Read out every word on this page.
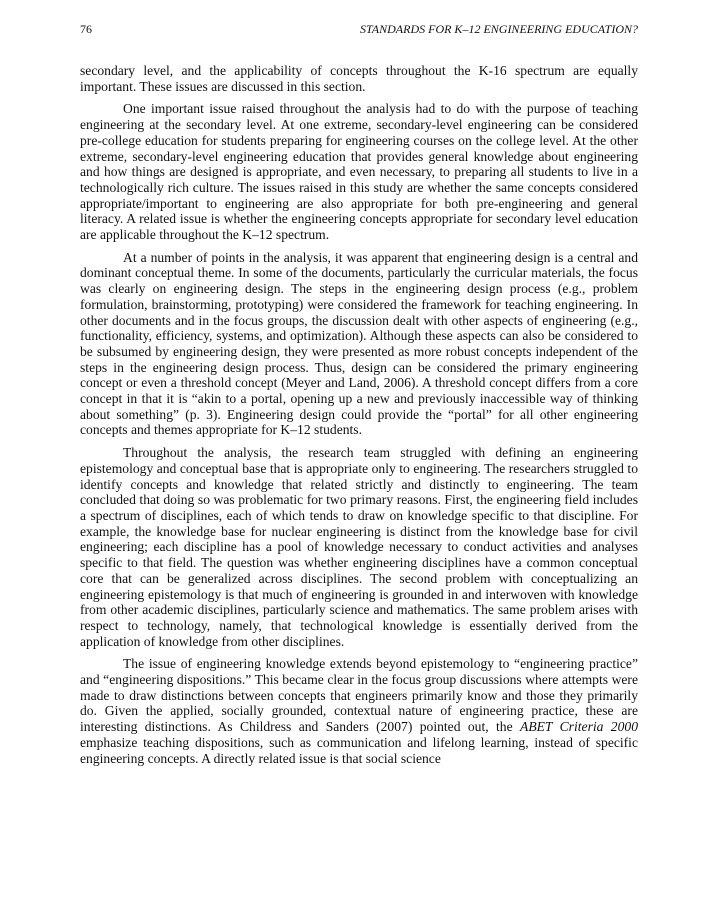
76	STANDARDS FOR K–12 ENGINEERING EDUCATION?

secondary level, and the applicability of concepts throughout the K-16 spectrum are equally important. These issues are discussed in this section.

One important issue raised throughout the analysis had to do with the purpose of teaching engineering at the secondary level. At one extreme, secondary-level engineering can be considered pre-college education for students preparing for engineering courses on the college level. At the other extreme, secondary-level engineering education that provides general knowledge about engineering and how things are designed is appropriate, and even necessary, to preparing all students to live in a technologically rich culture. The issues raised in this study are whether the same concepts considered appropriate/important to engineering are also appropriate for both pre-engineering and general literacy. A related issue is whether the engineering concepts appropriate for secondary level education are applicable throughout the K–12 spectrum.

At a number of points in the analysis, it was apparent that engineering design is a central and dominant conceptual theme. In some of the documents, particularly the curricular materials, the focus was clearly on engineering design. The steps in the engineering design process (e.g., problem formulation, brainstorming, prototyping) were considered the framework for teaching engineering. In other documents and in the focus groups, the discussion dealt with other aspects of engineering (e.g., functionality, efficiency, systems, and optimization). Although these aspects can also be considered to be subsumed by engineering design, they were presented as more robust concepts independent of the steps in the engineering design process. Thus, design can be considered the primary engineering concept or even a threshold concept (Meyer and Land, 2006). A threshold concept differs from a core concept in that it is “akin to a portal, opening up a new and previously inaccessible way of thinking about something” (p. 3). Engineering design could provide the “portal” for all other engineering concepts and themes appropriate for K–12 students.

Throughout the analysis, the research team struggled with defining an engineering epistemology and conceptual base that is appropriate only to engineering. The researchers struggled to identify concepts and knowledge that related strictly and distinctly to engineering. The team concluded that doing so was problematic for two primary reasons. First, the engineering field includes a spectrum of disciplines, each of which tends to draw on knowledge specific to that discipline. For example, the knowledge base for nuclear engineering is distinct from the knowledge base for civil engineering; each discipline has a pool of knowledge necessary to conduct activities and analyses specific to that field. The question was whether engineering disciplines have a common conceptual core that can be generalized across disciplines. The second problem with conceptualizing an engineering epistemology is that much of engineering is grounded in and interwoven with knowledge from other academic disciplines, particularly science and mathematics. The same problem arises with respect to technology, namely, that technological knowledge is essentially derived from the application of knowledge from other disciplines.

The issue of engineering knowledge extends beyond epistemology to “engineering practice” and “engineering dispositions.” This became clear in the focus group discussions where attempts were made to draw distinctions between concepts that engineers primarily know and those they primarily do. Given the applied, socially grounded, contextual nature of engineering practice, these are interesting distinctions. As Childress and Sanders (2007) pointed out, the ABET Criteria 2000 emphasize teaching dispositions, such as communication and lifelong learning, instead of specific engineering concepts. A directly related issue is that social science
